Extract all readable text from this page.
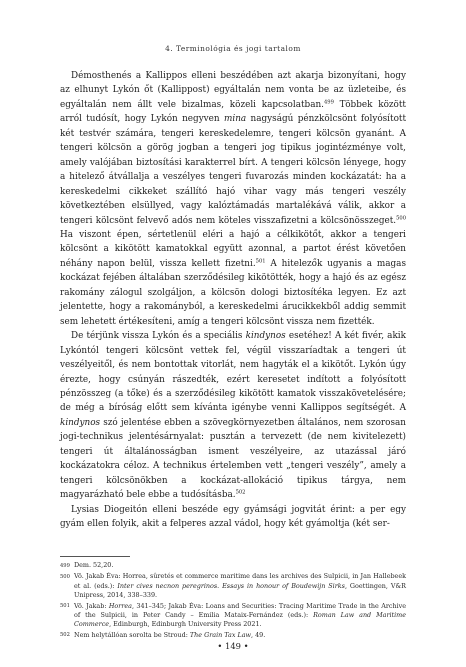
4. Terminológia és jogi tartalom

Démosthenés a Kallippos elleni beszédében azt akarja bizonyítani, hogy az elhunyt Lykón őt (Kallippost) egyáltalán nem vonta be az üzleteibe, és egyáltalán nem állt vele bizalmas, közeli kapcsolatban.$^{499}$ Többek között arról tudósít, hogy Lykón negyven mina nagyságú pénzkölcsönt folyósított két testvér számára, tengeri kereskedelemre, tengeri kölcsön gyanánt. A tengeri kölcsön a görög jogban a tengeri jog tipikus jogintézménye volt, amely valójában biztosítási karakterrel bírt. A tengeri kölcsön lényege, hogy a hitelező átvállalja a veszélyes tengeri fuvarozás minden kockázatát: ha a kereskedelmi cikkeket szállító hajó vihar vagy más tengeri veszély következtében elsüllyed, vagy kalóztámadás martalékává válik, akkor a tengeri kölcsönt felvevő adós nem köteles visszafizetni a kölcsönösszeget.$^{500}$ Ha viszont épen, sértetlenül eléri a hajó a célkikötőt, akkor a tengeri kölcsönt a kikötött kamatokkal együtt azonnal, a partot érést követően néhány napon belül, vissza kellett fizetni.$^{501}$ A hitelezők ugyanis a magas kockázat fejében általában szerződésileg kikötötték, hogy a hajó és az egész rakomány zálogul szolgáljon, a kölcsön dologi biztosítéka legyen. Ez azt jelentette, hogy a rakományból, a kereskedelmi árucikkekből addig semmit sem lehetett értékesíteni, amíg a tengeri kölcsönt vissza nem fizették.

De térjünk vissza Lykón és a speciális kindynos esetéhez! A két fivér, akik Lykóntól tengeri kölcsönt vettek fel, végül visszaríadtak a tengeri út veszélyeitől, és nem bontottak vitorlát, nem hagyták el a kikötőt. Lykón úgy érezte, hogy csúnyán rászedték, ezért keresetet indított a folyósított pénzösszeg (a tőke) és a szerződésileg kikötött kamatok visszakövetelésére; de még a bíróság előtt sem kívánta igénybe venni Kallippos segítségét. A kindynos szó jelentése ebben a szövegkörnyezetben általános, nem szorosan jogi-technikus jelentésárnyalat: pusztán a tervezett (de nem kivitelezett) tengeri út általánosságban isment veszélyeire, az utazással járó kockázatokra céloz. A technikus értelemben vett „tengeri veszély”, amely a tengeri kölcsönökben a kockázat-allokáció tipikus tárgya, nem magyarázható bele ebbe a tudósításba.$^{502}$

Lysias Diogeitón elleni beszéde egy gyámsági jogvitát érint: a per egy gyám ellen folyik, akit a felperes azzal vádol, hogy két gyámoltja (két ser-

499 Dem. 52,20.
500 Vö. Jakab Éva: Horrea, sûretés et commerce maritime dans les archives des Sulpicii, in Jan Hallebeek et al. (eds.): Inter cives necnon peregrinos. Essays in honour of Boudewijn Sirks, Goettingen, V&R Unipress, 2014, 338–339.
501 Vö. Jakab: Horrea, 341–345; Jakab Éva: Loans and Securities: Tracing Maritime Trade in the Archive of the Sulpicii, in Peter Candy – Emilia Mataix-Fernández (eds.): Roman Law and Maritime Commerce, Edinburgh, Edinburgh University Press 2021.
502 Nem helytállóan sorolta be Stroud: The Grain Tax Law, 49.
• 149 •
